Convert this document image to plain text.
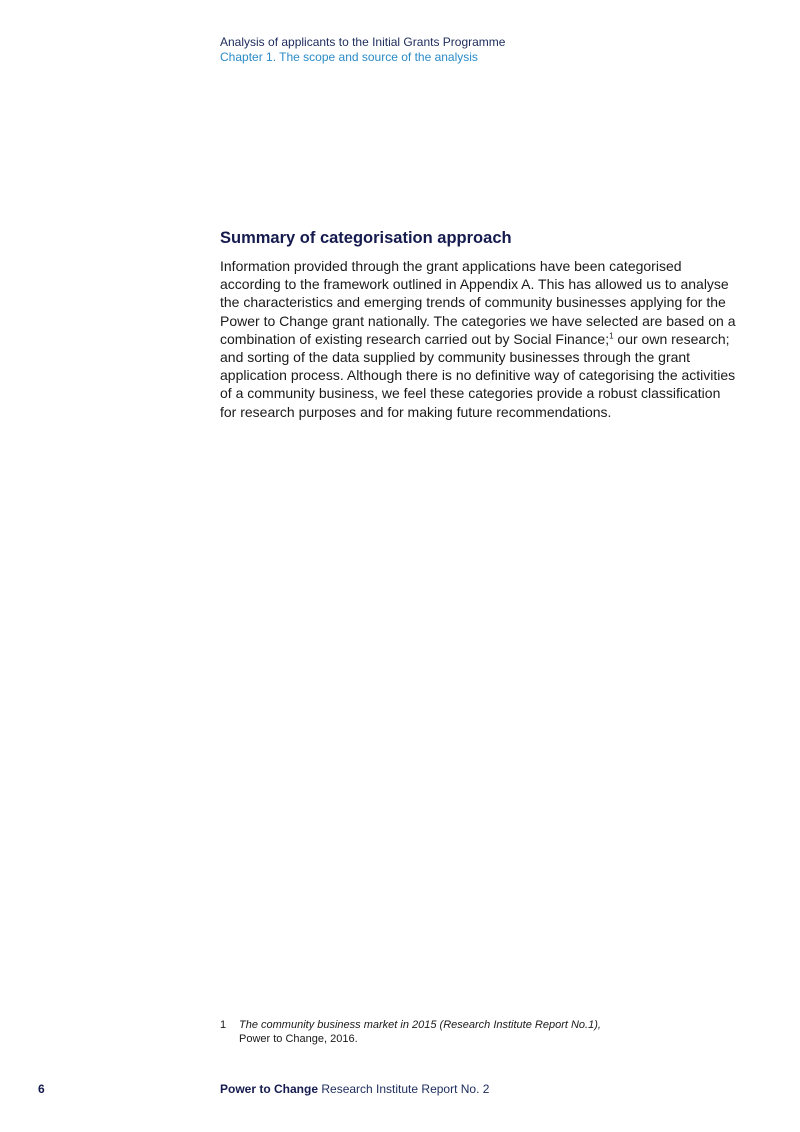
Analysis of applicants to the Initial Grants Programme
Chapter 1. The scope and source of the analysis
Summary of categorisation approach

Information provided through the grant applications have been categorised according to the framework outlined in Appendix A. This has allowed us to analyse the characteristics and emerging trends of community businesses applying for the Power to Change grant nationally. The categories we have selected are based on a combination of existing research carried out by Social Finance;$^1$ our own research; and sorting of the data supplied by community businesses through the grant application process. Although there is no definitive way of categorising the activities of a community business, we feel these categories provide a robust classification for research purposes and for making future recommendations.

1	The community business market in 2015 (Research Institute Report No.1),
Power to Change, 2016.
6	Power to Change Research Institute Report No. 2
